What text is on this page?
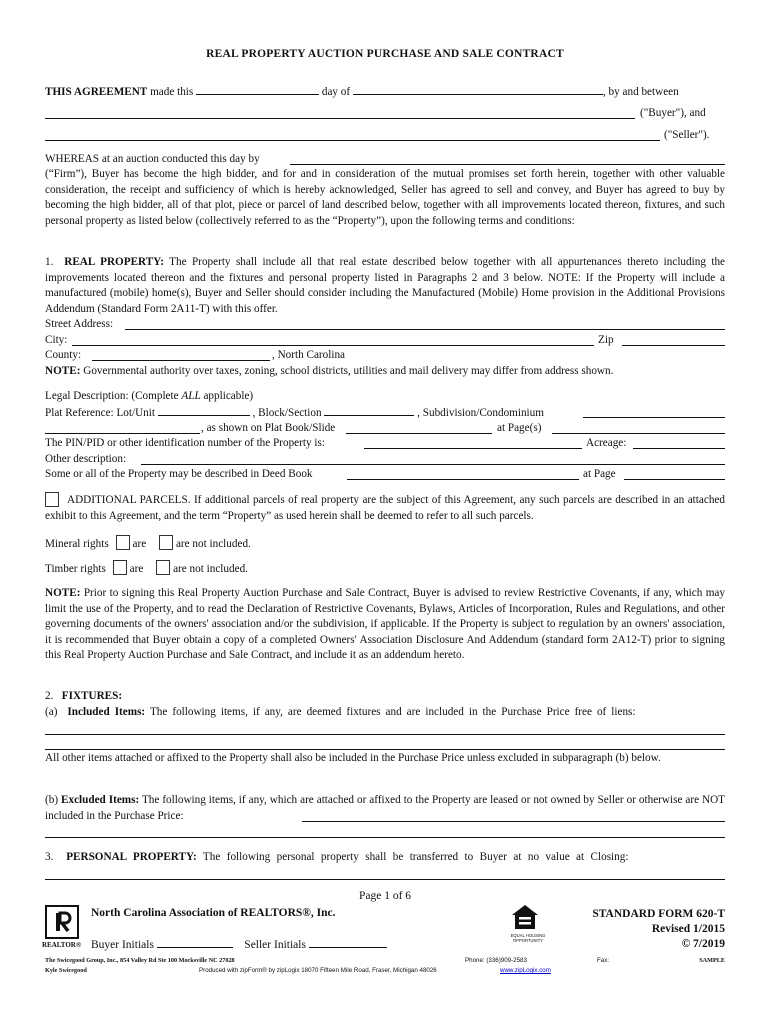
REAL PROPERTY AUCTION PURCHASE AND SALE CONTRACT
THIS AGREEMENT made this	day of	, by and between
("Buyer"), and
("Seller").
WHEREAS at an auction conducted this day by
(“Firm”), Buyer has become the high bidder, and for and in consideration of the mutual promises set forth herein, together with other valuable consideration, the receipt and sufficiency of which is hereby acknowledged, Seller has agreed to sell and convey, and Buyer has agreed to buy by becoming the high bidder, all of that plot, piece or parcel of land described below, together with all improvements located thereon, fixtures, and such personal property as listed below (collectively referred to as the “Property”), upon the following terms and conditions:
1. REAL PROPERTY: The Property shall include all that real estate described below together with all appurtenances thereto including the improvements located thereon and the fixtures and personal property listed in Paragraphs 2 and 3 below. NOTE: If the Property will include a manufactured (mobile) home(s), Buyer and Seller should consider including the Manufactured (Mobile) Home provision in the Additional Provisions Addendum (Standard Form 2A11-T) with this offer.
Street Address:
City:	Zip
County:	, North Carolina
NOTE: Governmental authority over taxes, zoning, school districts, utilities and mail delivery may differ from address shown.
Legal Description: (Complete ALL applicable)
Plat Reference: Lot/Unit	, Block/Section	, Subdivision/Condominium
, as shown on Plat Book/Slide	at Page(s)
The PIN/PID or other identification number of the Property is:	Acreage:
Other description:
Some or all of the Property may be described in Deed Book	at Page
ADDITIONAL PARCELS. If additional parcels of real property are the subject of this Agreement, any such parcels are described in an attached exhibit to this Agreement, and the term “Property” as used herein shall be deemed to refer to all such parcels.
Mineral rights are	are not included.
Timber rights are	are not included.
NOTE: Prior to signing this Real Property Auction Purchase and Sale Contract, Buyer is advised to review Restrictive Covenants, if any, which may limit the use of the Property, and to read the Declaration of Restrictive Covenants, Bylaws, Articles of Incorporation, Rules and Regulations, and other governing documents of the owners' association and/or the subdivision, if applicable. If the Property is subject to regulation by an owners' association, it is recommended that Buyer obtain a copy of a completed Owners' Association Disclosure And Addendum (standard form 2A12-T) prior to signing this Real Property Auction Purchase and Sale Contract, and include it as an addendum hereto.
2. FIXTURES:
(a) Included Items: The following items, if any, are deemed fixtures and are included in the Purchase Price free of liens:
All other items attached or affixed to the Property shall also be included in the Purchase Price unless excluded in subparagraph (b) below.
(b) Excluded Items: The following items, if any, which are attached or affixed to the Property are leased or not owned by Seller or otherwise are NOT included in the Purchase Price:
3. PERSONAL PROPERTY: The following personal property shall be transferred to Buyer at no value at Closing:
Page 1 of 6
REALTOR®
North Carolina Association of REALTORS®, Inc.
Buyer Initials	Seller Initials
EQUAL HOUSING OPPORTUNITY
STANDARD FORM 620-T
Revised 1/2015
© 7/2019
The Swicegood Group, Inc., 854 Valley Rd Ste 100 Mocksville NC 27028	Phone: (336)909-2583	Fax:	SAMPLE
Kyle Swicegood	Produced with zipForm® by zipLogix 18070 Fifteen Mile Road, Fraser, Michigan 48026	www.zipLogix.com
